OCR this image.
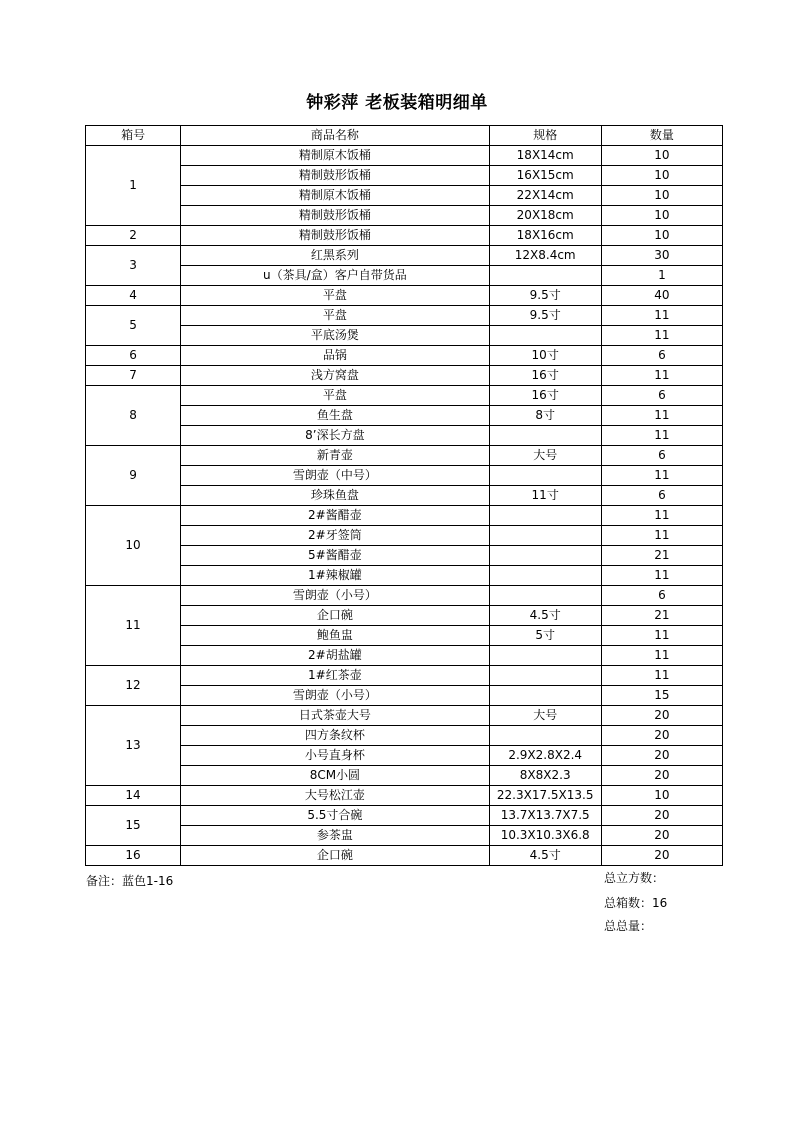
钟彩萍 老板装箱明细单
箱号	商品名称	规格	数量
1	精制原木饭桶	18X14cm	10
	精制鼓形饭桶	16X15cm	10
	精制原木饭桶	22X14cm	10
	精制鼓形饭桶	20X18cm	10
2	精制鼓形饭桶	18X16cm	10
3	红黑系列	12X8.4cm	30
	u（茶具/盒）客户自带货品		1
4	平盘	9.5寸	40
5	平盘	9.5寸	11
	平底汤煲		11
6	品锅	10寸	6
7	浅方窝盘	16寸	11
8	平盘	16寸	6
	鱼生盘	8寸	11
	8’深长方盘		11
9	新青壶	大号	6
	雪朗壶（中号）		11
	珍珠鱼盘	11寸	6
10	2#酱醋壶		11
	2#牙签筒		11
	5#酱醋壶		21
	1#辣椒罐		11
11	雪朗壶（小号）		6
	企口碗	4.5寸	21
	鲍鱼盅	5寸	11
	2#胡盐罐		11
12	1#红茶壶		11
	雪朗壶（小号）		15
13	日式茶壶大号	大号	20
	四方条纹杯		20
	小号直身杯	2.9X2.8X2.4	20
	8CM小圆	8X8X2.3	20
14	大号松江壶	22.3X17.5X13.5	10
15	5.5寸合碗	13.7X13.7X7.5	20
	参茶盅	10.3X10.3X6.8	20
16	企口碗	4.5寸	20
备注：蓝色1-16	总立方数：
总箱数：16
总总量：
